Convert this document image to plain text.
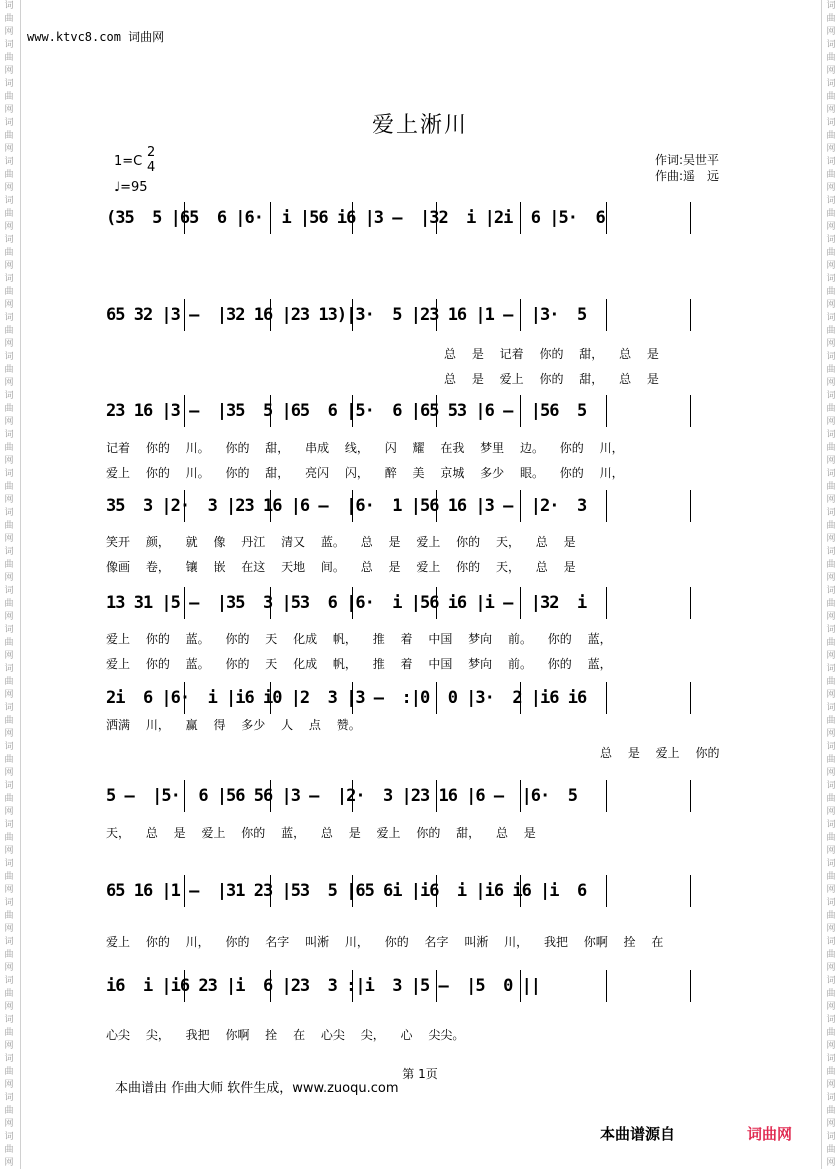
词
曲
网
词
曲
网
词
曲
网
词
曲
网
词
曲
网
词
曲
网
词
曲
网
词
曲
网
词
曲
网
词
曲
网
词
曲
网
词
曲
网
词
曲
网
词
曲
网
词
曲
网
词
曲
网
词
曲
网
词
曲
网
词
曲
网
词
曲
网
词
曲
网
词
曲
网
词
曲
网
词
曲
网
词
曲
网
词
曲
网
词
曲
网
词
曲
网
词
曲
网
词
曲
网
词
曲
网
词
曲
网
词
曲
网
词
曲
网
词
曲
网
词
曲
网
词
曲
网
词
曲
网
词
曲
网
词
曲
网
词
曲
网
词
曲
网
词
曲
网
词
曲
网
词
曲
网
词
曲
网
词
曲
网
词
曲
网
词
曲
网
词
曲
网
词
曲
网
词
曲
网
词
曲
网
词
曲
网
词
曲
网
词
曲
网
词
曲
网
词
曲
网
词
曲
网
词
曲
网
www.ktvc8.com 词曲网
爱上淅川
1=C
2
4
♩=95
作词:吴世平
作曲:遥　远
(35  5 |65  6 |6·  i |56 i6 |3 –  |32  i |2i  6 |5·  6
65 32 |3 –  |32 16 |23 13)|3·  5 |23 16 |1 –  |3·  5
总 是 记着 你的 甜， 总 是
总 是 爱上 你的 甜， 总 是
23 16 |3 –  |35  5 |65  6 |5·  6 |65 53 |6 –  |56  5
记着 你的 川。 你的 甜， 串成 线， 闪 耀 在我 梦里 边。 你的 川，
爱上 你的 川。 你的 甜， 亮闪 闪， 醉 美 京城 多少 眼。 你的 川，
35  3 |2·  3 |23 16 |6 –  |6·  1 |56 16 |3 –  |2·  3
笑开 颜， 就 像 丹江 清又 蓝。 总 是 爱上 你的 天， 总 是
像画 卷， 镶 嵌 在这 天地 间。 总 是 爱上 你的 天， 总 是
13 31 |5 –  |35  3 |53  6 |6·  i |56 i6 |i –  |32  i
爱上 你的 蓝。 你的 天 化成 帆， 推 着 中国 梦向 前。 你的 蓝，
爱上 你的 蓝。 你的 天 化成 帆， 推 着 中国 梦向 前。 你的 蓝，
2i  6 |6·  i |i6 i0 |2  3 |3 –  :|0  0 |3·  2 |i6 i6
洒满 川， 赢 得 多少 人 点 赞。
总 是 爱上 你的
5 –  |5·  6 |56 56 |3 –  |2·  3 |23 16 |6 –  |6·  5
天， 总 是 爱上 你的 蓝， 总 是 爱上 你的 甜， 总 是
65 16 |1 –  |31 23 |53  5 |65 6i |i6  i |i6 i6 |i  6
爱上 你的 川， 你的 名字 叫淅 川， 你的 名字 叫淅 川， 我把 你啊 拴 在
i6  i |i6 23 |i  6 |23  3 :|i  3 |5 –  |5  0 ||
心尖 尖， 我把 你啊 拴 在 心尖 尖， 心 尖尖。
第 1页
本曲谱由 作曲大师 软件生成，www.zuoqu.com
本曲谱源自	词曲网
